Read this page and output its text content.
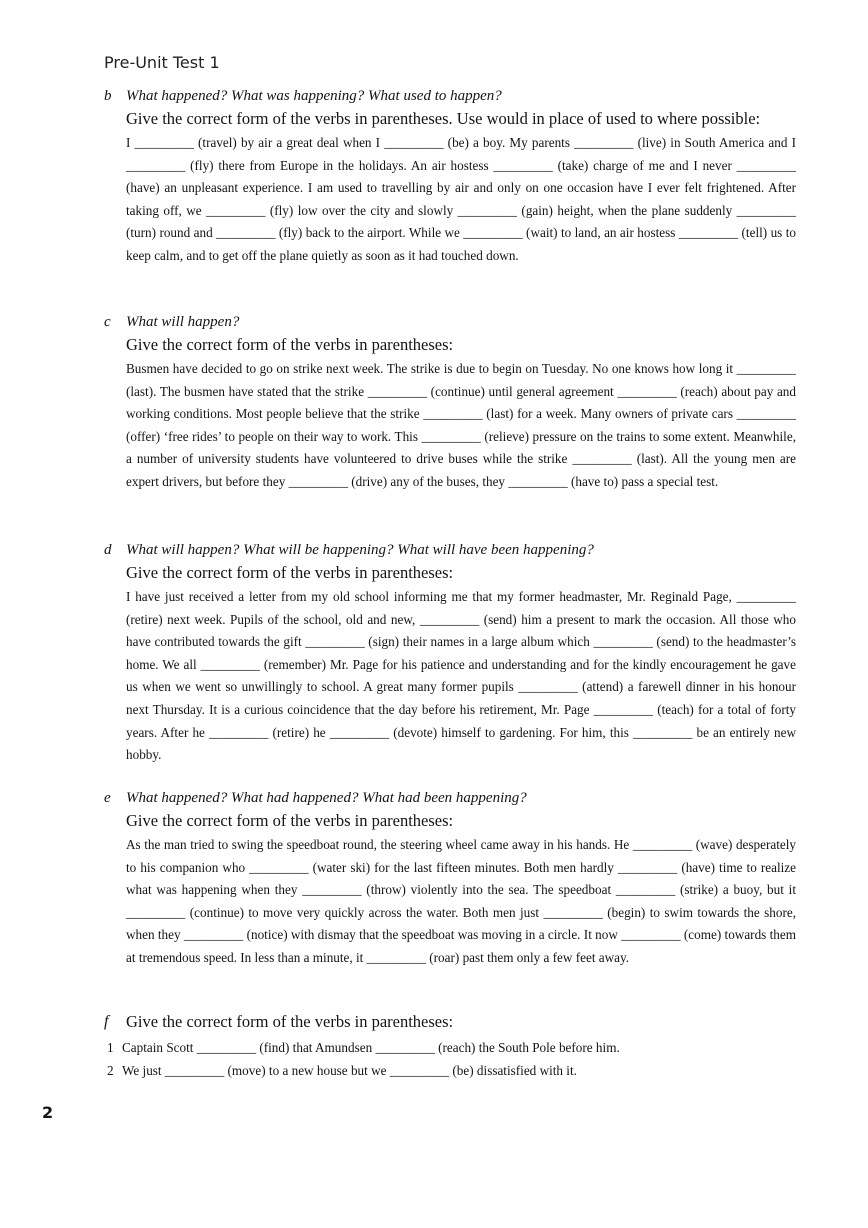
Pre-Unit Test 1
b What happened? What was happening? What used to happen?
Give the correct form of the verbs in parentheses. Use would in place of used to where possible:

I _________ (travel) by air a great deal when I _________ (be) a boy. My parents _________ (live) in South America and I _________ (fly) there from Europe in the holidays. An air hostess _________ (take) charge of me and I never _________ (have) an unpleasant experience. I am used to travelling by air and only on one occasion have I ever felt frightened. After taking off, we _________ (fly) low over the city and slowly _________ (gain) height, when the plane suddenly _________ (turn) round and _________ (fly) back to the airport. While we _________ (wait) to land, an air hostess _________ (tell) us to keep calm, and to get off the plane quietly as soon as it had touched down.

c What will happen?
Give the correct form of the verbs in parentheses:

Busmen have decided to go on strike next week. The strike is due to begin on Tuesday. No one knows how long it _________ (last). The busmen have stated that the strike _________ (continue) until general agreement _________ (reach) about pay and working conditions. Most people believe that the strike _________ (last) for a week. Many owners of private cars _________ (offer) ‘free rides’ to people on their way to work. This _________ (relieve) pressure on the trains to some extent. Meanwhile, a number of university students have volunteered to drive buses while the strike _________ (last). All the young men are expert drivers, but before they _________ (drive) any of the buses, they _________ (have to) pass a special test.

d What will happen? What will be happening? What will have been happening?
Give the correct form of the verbs in parentheses:

I have just received a letter from my old school informing me that my former headmaster, Mr. Reginald Page, _________ (retire) next week. Pupils of the school, old and new, _________ (send) him a present to mark the occasion. All those who have contributed towards the gift _________ (sign) their names in a large album which _________ (send) to the headmaster’s home. We all _________ (remember) Mr. Page for his patience and understanding and for the kindly encouragement he gave us when we went so unwillingly to school. A great many former pupils _________ (attend) a farewell dinner in his honour next Thursday. It is a curious coincidence that the day before his retirement, Mr. Page _________ (teach) for a total of forty years. After he _________ (retire) he _________ (devote) himself to gardening. For him, this _________ be an entirely new hobby.

e What happened? What had happened? What had been happening?
Give the correct form of the verbs in parentheses:

As the man tried to swing the speedboat round, the steering wheel came away in his hands. He _________ (wave) desperately to his companion who _________ (water ski) for the last fifteen minutes. Both men hardly _________ (have) time to realize what was happening when they _________ (throw) violently into the sea. The speedboat _________ (strike) a buoy, but it _________ (continue) to move very quickly across the water. Both men just _________ (begin) to swim towards the shore, when they _________ (notice) with dismay that the speedboat was moving in a circle. It now _________ (come) towards them at tremendous speed. In less than a minute, it _________ (roar) past them only a few feet away.

f Give the correct form of the verbs in parentheses:
1 Captain Scott _________ (find) that Amundsen _________ (reach) the South Pole before him.
2 We just _________ (move) to a new house but we _________ (be) dissatisfied with it.
2
